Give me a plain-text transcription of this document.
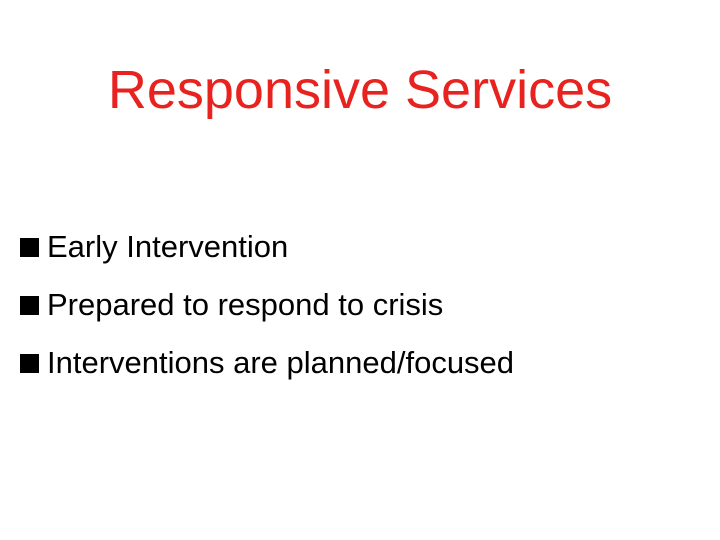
Responsive Services
Early Intervention
Prepared to respond to crisis
Interventions are planned/focused
